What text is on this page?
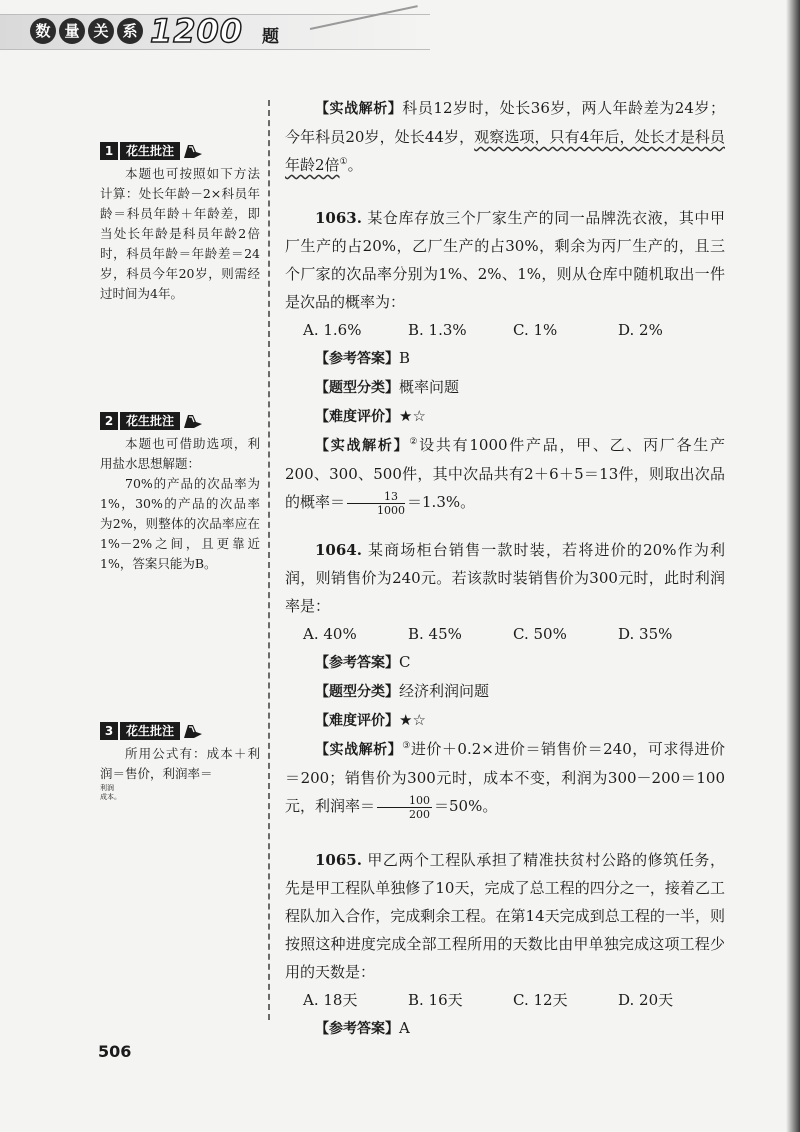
数 量 关 系 1200 题
1	花生批注
本题也可按照如下方法计算：处长年龄－2×科员年龄＝科员年龄＋年龄差，即当处长年龄是科员年龄2倍时，科员年龄＝年龄差＝24岁，科员今年20岁，则需经过时间为4年。
2	花生批注
本题也可借助选项，利用盐水思想解题：
70%的产品的次品率为1%，30%的产品的次品率为2%，则整体的次品率应在1%－2%之间，且更靠近1%，答案只能为B。
3	花生批注
所用公式有：成本＋利润＝售价，利润率＝
利润
成本。

【实战解析】科员12岁时，处长36岁，两人年龄差为24岁；今年科员20岁，处长44岁，观察选项，只有4年后，处长才是科员年龄2倍①。

1063. 某仓库存放三个厂家生产的同一品牌洗衣液，其中甲厂生产的占20%，乙厂生产的占30%，剩余为丙厂生产的，且三个厂家的次品率分别为1%、2%、1%，则从仓库中随机取出一件是次品的概率为：

A. 1.6%	B. 1.3%	C. 1%	D. 2%

【参考答案】B

【题型分类】概率问题

【难度评价】★☆

【实战解析】②设共有1000件产品，甲、乙、丙厂各生产200、300、500件，其中次品共有2＋6＋5＝13件，则取出次品的概率＝ $\frac{13}{1000} =1.3\%$。

1064. 某商场柜台销售一款时装，若将进价的20%作为利润，则销售价为240元。若该款时装销售价为300元时，此时利润率是：

A. 40%	B. 45%	C. 50%	D. 35%

【参考答案】C

【题型分类】经济利润问题

【难度评价】★☆

【实战解析】③进价＋0.2×进价＝销售价＝240，可求得进价＝200；销售价为300元时，成本不变，利润为300－200＝100元，利润率＝ $\frac{100}{200} =50\%$。

1065. 甲乙两个工程队承担了精准扶贫村公路的修筑任务，先是甲工程队单独修了10天，完成了总工程的四分之一，接着乙工程队加入合作，完成剩余工程。在第14天完成到总工程的一半，则按照这种进度完成全部工程所用的天数比由甲单独完成这项工程少用的天数是：

A. 18天	B. 16天	C. 12天	D. 20天

【参考答案】A

506
